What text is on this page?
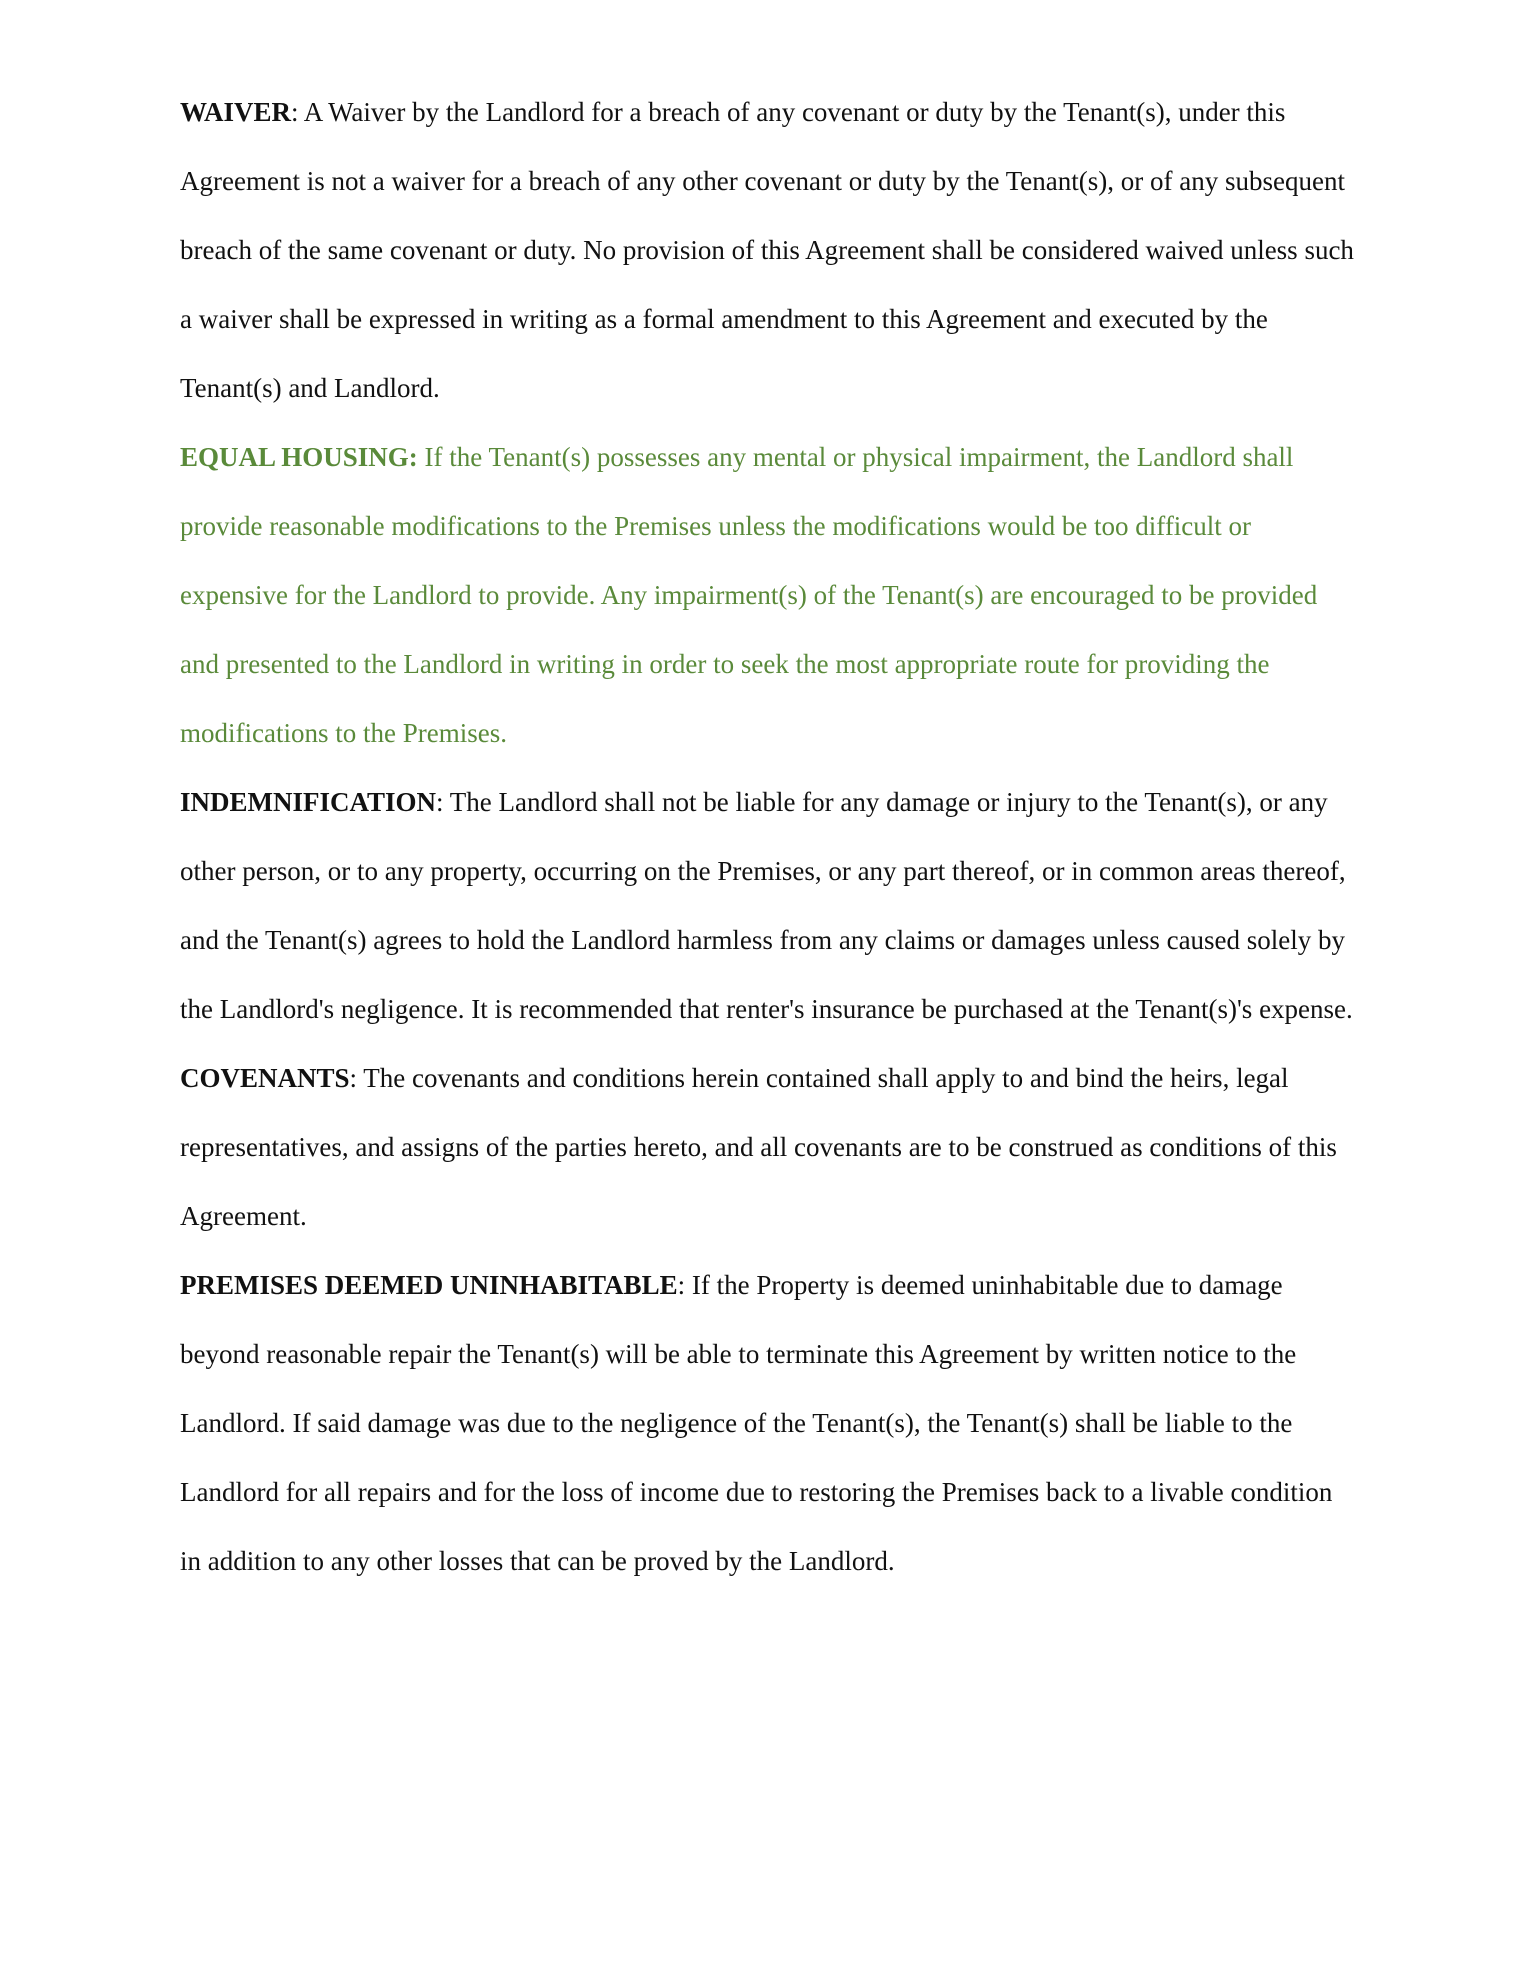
WAIVER: A Waiver by the Landlord for a breach of any covenant or duty by the Tenant(s), under this Agreement is not a waiver for a breach of any other covenant or duty by the Tenant(s), or of any subsequent breach of the same covenant or duty. No provision of this Agreement shall be considered waived unless such a waiver shall be expressed in writing as a formal amendment to this Agreement and executed by the Tenant(s) and Landlord.

EQUAL HOUSING: If the Tenant(s) possesses any mental or physical impairment, the Landlord shall provide reasonable modifications to the Premises unless the modifications would be too difficult or expensive for the Landlord to provide. Any impairment(s) of the Tenant(s) are encouraged to be provided and presented to the Landlord in writing in order to seek the most appropriate route for providing the modifications to the Premises.

INDEMNIFICATION: The Landlord shall not be liable for any damage or injury to the Tenant(s), or any other person, or to any property, occurring on the Premises, or any part thereof, or in common areas thereof, and the Tenant(s) agrees to hold the Landlord harmless from any claims or damages unless caused solely by the Landlord's negligence. It is recommended that renter's insurance be purchased at the Tenant(s)'s expense.

COVENANTS: The covenants and conditions herein contained shall apply to and bind the heirs, legal representatives, and assigns of the parties hereto, and all covenants are to be construed as conditions of this Agreement.

PREMISES DEEMED UNINHABITABLE: If the Property is deemed uninhabitable due to damage beyond reasonable repair the Tenant(s) will be able to terminate this Agreement by written notice to the Landlord. If said damage was due to the negligence of the Tenant(s), the Tenant(s) shall be liable to the Landlord for all repairs and for the loss of income due to restoring the Premises back to a livable condition in addition to any other losses that can be proved by the Landlord.
